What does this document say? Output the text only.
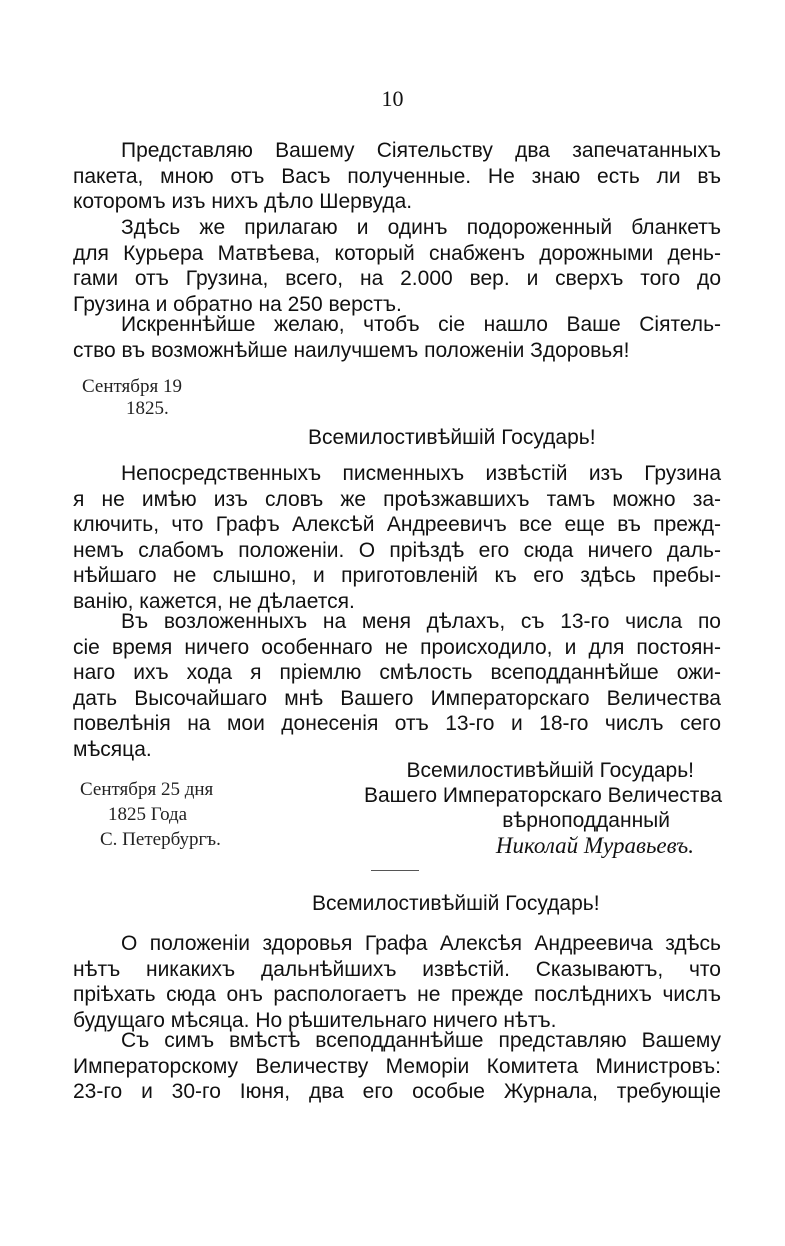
10
Представляю Вашему Сіятельству два запечатанныхъ
пакета, мною отъ Васъ полученные. Не знаю есть ли въ
которомъ изъ нихъ дѣло Шервуда.
Здѣсь же прилагаю и одинъ подороженный бланкетъ
для Курьера Матвѣева, который снабженъ дорожными день-
гами отъ Грузина, всего, на 2.000 вер. и сверхъ того до
Грузина и обратно на 250 верстъ.
Искреннѣйше желаю, чтобъ сіе нашло Ваше Сіятель-
ство въ возможнѣйше наилучшемъ положеніи Здоровья!
Сентября 19
1825.
Всемилостивѣйшій Государь!
Непосредственныхъ писменныхъ извѣстій изъ Грузина
я не имѣю изъ словъ же проѣзжавшихъ тамъ можно за-
ключить, что Графъ Алексѣй Андреевичъ все еще въ прежд-
немъ слабомъ положеніи. О пріѣздѣ его сюда ничего даль-
нѣйшаго не слышно, и приготовленій къ его здѣсь пребы-
ванію, кажется, не дѣлается.
Въ возложенныхъ на меня дѣлахъ, съ 13-го числа по
сіе время ничего особеннаго не происходило, и для постоян-
наго ихъ хода я пріемлю смѣлость всеподданнѣйше ожи-
дать Высочайшаго мнѣ Вашего Императорскаго Величества
повелѣнія на мои донесенія отъ 13-го и 18-го числъ сего
мѣсяца.
Всемилостивѣйшій Государь!
Вашего Императорскаго Величества
вѣрноподданный
Николай Муравьевъ.
Сентября 25 дня
1825 Года
С. Петербургъ.
Всемилостивѣйшій Государь!
О положеніи здоровья Графа Алексѣя Андреевича здѣсь
нѣтъ никакихъ дальнѣйшихъ извѣстій. Сказываютъ, что
пріѣхать сюда онъ распологаетъ не прежде послѣднихъ числъ
будущаго мѣсяца. Но рѣшительнаго ничего нѣтъ.
Съ симъ вмѣстѣ всеподданнѣйше представляю Вашему
Императорскому Величеству Меморіи Комитета Министровъ:
23-го и 30-го Іюня, два его особые Журнала, требующіе
